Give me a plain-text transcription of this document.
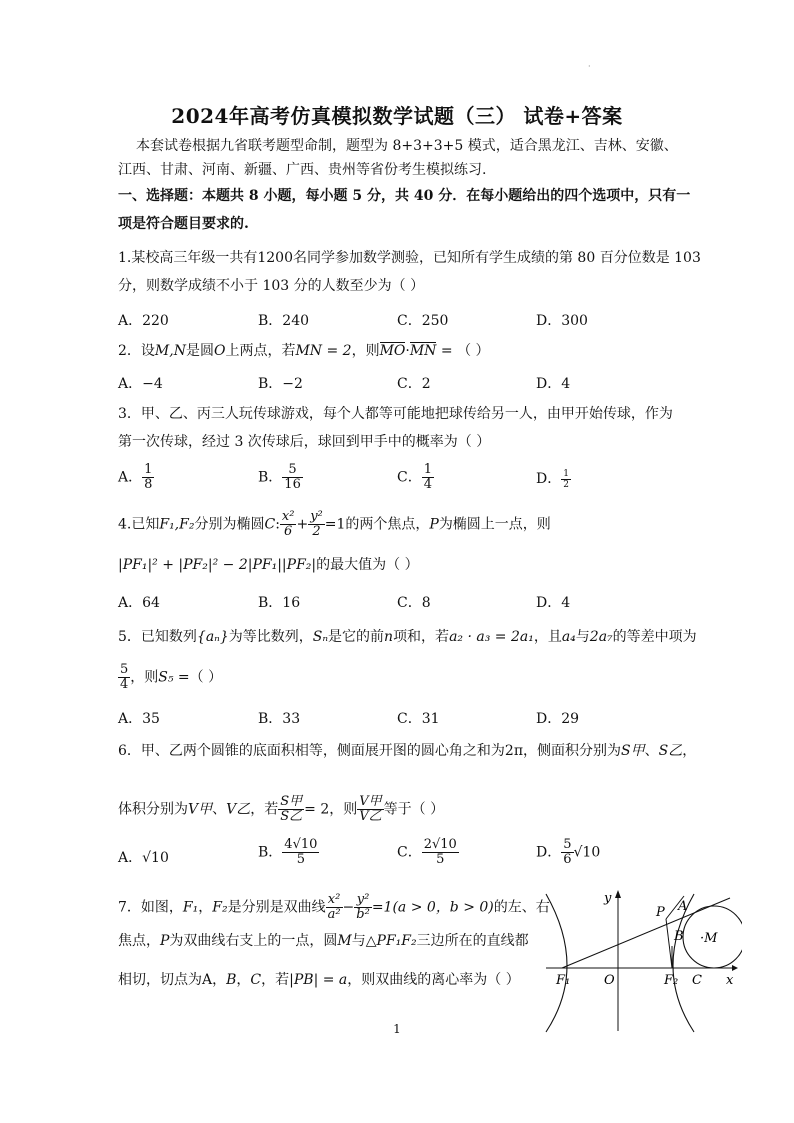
·
2024年高考仿真模拟数学试题（三） 试卷+答案
本套试卷根据九省联考题型命制，题型为 8+3+3+5 模式，适合黑龙江、吉林、安徽、
江西、甘肃、河南、新疆、广西、贵州等省份考生模拟练习.
一、选择题：本题共 8 小题，每小题 5 分，共 40 分．在每小题给出的四个选项中，只有一
项是符合题目要求的.
1.某校高三年级一共有1200名同学参加数学测验，已知所有学生成绩的第 80 百分位数是 103
分，则数学成绩不小于 103 分的人数至少为（ ）
A．220	B．240	C．250	D．300
2．设M,N是圆O上两点，若MN = 2，则MO·MN = （ ）
A．−4	B．−2	C．2	D．4
3．甲、乙、丙三人玩传球游戏，每个人都等可能地把球传给另一人，由甲开始传球，作为
第一次传球，经过 3 次传球后，球回到甲手中的概率为（ ）
A． $\frac{1}{8}$	B． $\frac{5}{16}$	C． $\frac{1}{4}$	D． $\frac{1}{2}$
4.已知F₁,F₂分别为椭圆C: $\frac{\text{x²}}{6} + \frac{\text{y²}}{2} =1$的两个焦点，P为椭圆上一点，则
|PF₁|² + |PF₂|² − 2|PF₁||PF₂|的最大值为（ ）
A．64	B．16	C．8	D．4
5．已知数列{aₙ}为等比数列，Sₙ是它的前n项和，若a₂ · a₃ = 2a₁，且a₄与2a₇的等差中项为
$\frac{5}{4}$ ，则S₅ =（ ）
A．35	B．33	C．31	D．29
6．甲、乙两个圆锥的底面积相等，侧面展开图的圆心角之和为2π，侧面积分别为S甲、S乙，
体积分别为V甲、V乙，若 $\frac{\text{S甲}}{\text{S乙}} = 2$，则 $\frac{\text{V甲}}{\text{V乙}}$ 等于（ ）
A．√10	B． $\frac{4√10}{5}$	C． $\frac{2√10}{5}$	D． $\frac{5}{6} √10$
7．如图，F₁，F₂是分别是双曲线 $\frac{\text{x²}}{\text{a²}} - \frac{\text{y²}}{\text{b²}} =1(a > 0$，b > 0)的左、右
焦点，P为双曲线右支上的一点，圆M与△PF₁F₂三边所在的直线都
相切，切点为A，B，C，若|PB| = a，则双曲线的离心率为（ ）
y
x
O
P A
B ·M
F₁	F₂ C
1
